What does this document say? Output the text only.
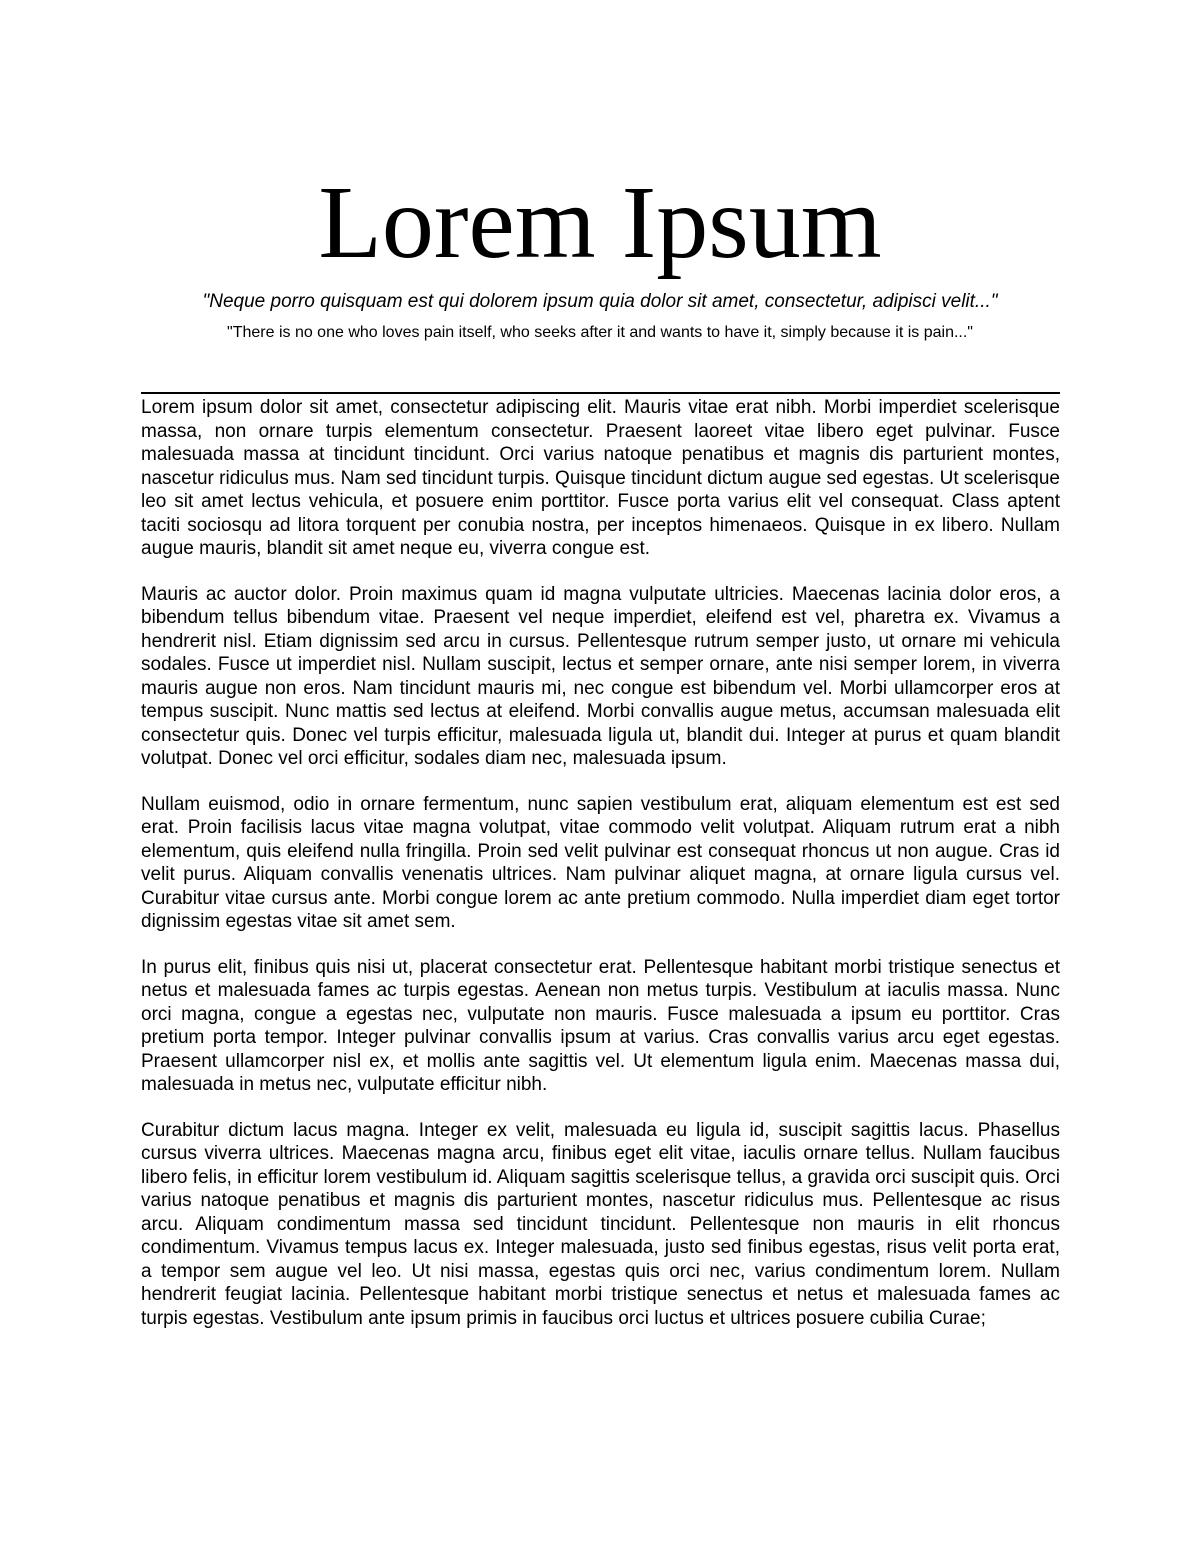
Lorem Ipsum

"Neque porro quisquam est qui dolorem ipsum quia dolor sit amet, consectetur, adipisci velit..."

"There is no one who loves pain itself, who seeks after it and wants to have it, simply because it is pain..."

Lorem ipsum dolor sit amet, consectetur adipiscing elit. Mauris vitae erat nibh. Morbi imperdiet scelerisque massa, non ornare turpis elementum consectetur. Praesent laoreet vitae libero eget pulvinar. Fusce malesuada massa at tincidunt tincidunt. Orci varius natoque penatibus et magnis dis parturient montes, nascetur ridiculus mus. Nam sed tincidunt turpis. Quisque tincidunt dictum augue sed egestas. Ut scelerisque leo sit amet lectus vehicula, et posuere enim porttitor. Fusce porta varius elit vel consequat. Class aptent taciti sociosqu ad litora torquent per conubia nostra, per inceptos himenaeos. Quisque in ex libero. Nullam augue mauris, blandit sit amet neque eu, viverra congue est.

Mauris ac auctor dolor. Proin maximus quam id magna vulputate ultricies. Maecenas lacinia dolor eros, a bibendum tellus bibendum vitae. Praesent vel neque imperdiet, eleifend est vel, pharetra ex. Vivamus a hendrerit nisl. Etiam dignissim sed arcu in cursus. Pellentesque rutrum semper justo, ut ornare mi vehicula sodales. Fusce ut imperdiet nisl. Nullam suscipit, lectus et semper ornare, ante nisi semper lorem, in viverra mauris augue non eros. Nam tincidunt mauris mi, nec congue est bibendum vel. Morbi ullamcorper eros at tempus suscipit. Nunc mattis sed lectus at eleifend. Morbi convallis augue metus, accumsan malesuada elit consectetur quis. Donec vel turpis efficitur, malesuada ligula ut, blandit dui. Integer at purus et quam blandit volutpat. Donec vel orci efficitur, sodales diam nec, malesuada ipsum.

Nullam euismod, odio in ornare fermentum, nunc sapien vestibulum erat, aliquam elementum est est sed erat. Proin facilisis lacus vitae magna volutpat, vitae commodo velit volutpat. Aliquam rutrum erat a nibh elementum, quis eleifend nulla fringilla. Proin sed velit pulvinar est consequat rhoncus ut non augue. Cras id velit purus. Aliquam convallis venenatis ultrices. Nam pulvinar aliquet magna, at ornare ligula cursus vel. Curabitur vitae cursus ante. Morbi congue lorem ac ante pretium commodo. Nulla imperdiet diam eget tortor dignissim egestas vitae sit amet sem.

In purus elit, finibus quis nisi ut, placerat consectetur erat. Pellentesque habitant morbi tristique senectus et netus et malesuada fames ac turpis egestas. Aenean non metus turpis. Vestibulum at iaculis massa. Nunc orci magna, congue a egestas nec, vulputate non mauris. Fusce malesuada a ipsum eu porttitor. Cras pretium porta tempor. Integer pulvinar convallis ipsum at varius. Cras convallis varius arcu eget egestas. Praesent ullamcorper nisl ex, et mollis ante sagittis vel. Ut elementum ligula enim. Maecenas massa dui, malesuada in metus nec, vulputate efficitur nibh.

Curabitur dictum lacus magna. Integer ex velit, malesuada eu ligula id, suscipit sagittis lacus. Phasellus cursus viverra ultrices. Maecenas magna arcu, finibus eget elit vitae, iaculis ornare tellus. Nullam faucibus libero felis, in efficitur lorem vestibulum id. Aliquam sagittis scelerisque tellus, a gravida orci suscipit quis. Orci varius natoque penatibus et magnis dis parturient montes, nascetur ridiculus mus. Pellentesque ac risus arcu. Aliquam condimentum massa sed tincidunt tincidunt. Pellentesque non mauris in elit rhoncus condimentum. Vivamus tempus lacus ex. Integer malesuada, justo sed finibus egestas, risus velit porta erat, a tempor sem augue vel leo. Ut nisi massa, egestas quis orci nec, varius condimentum lorem. Nullam hendrerit feugiat lacinia. Pellentesque habitant morbi tristique senectus et netus et malesuada fames ac turpis egestas. Vestibulum ante ipsum primis in faucibus orci luctus et ultrices posuere cubilia Curae;
